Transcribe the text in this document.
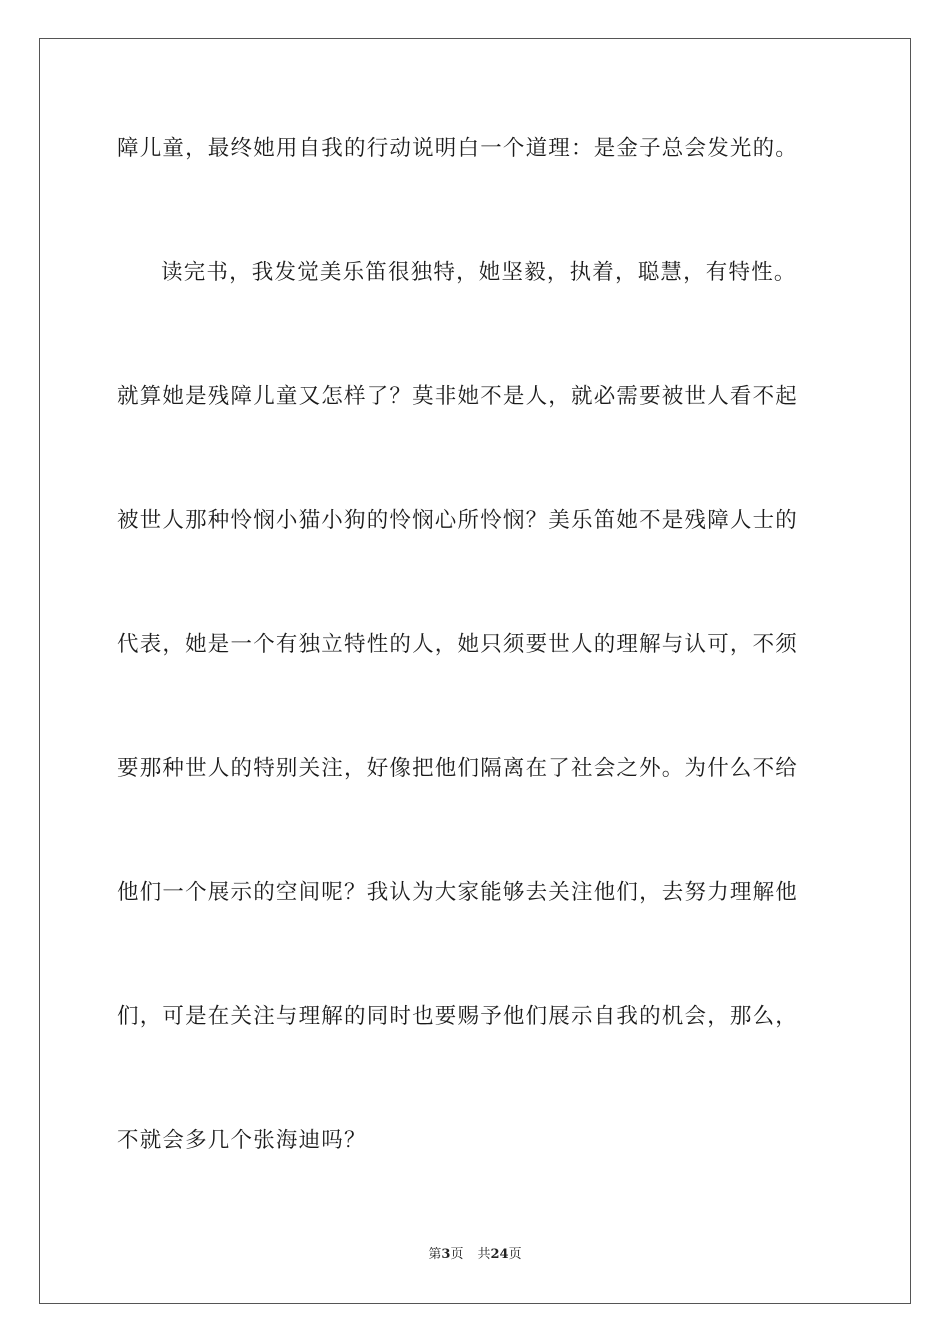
障儿童，最终她用自我的行动说明白一个道理：是金子总会发光的。
读完书，我发觉美乐笛很独特，她坚毅，执着，聪慧，有特性。
就算她是残障儿童又怎样了？莫非她不是人，就必需要被世人看不起
被世人那种怜悯小猫小狗的怜悯心所怜悯？美乐笛她不是残障人士的
代表，她是一个有独立特性的人，她只须要世人的理解与认可，不须
要那种世人的特别关注，好像把他们隔离在了社会之外。为什么不给
他们一个展示的空间呢？我认为大家能够去关注他们，去努力理解他
们，可是在关注与理解的同时也要赐予他们展示自我的机会，那么，
不就会多几个张海迪吗？
第3页 共24页
